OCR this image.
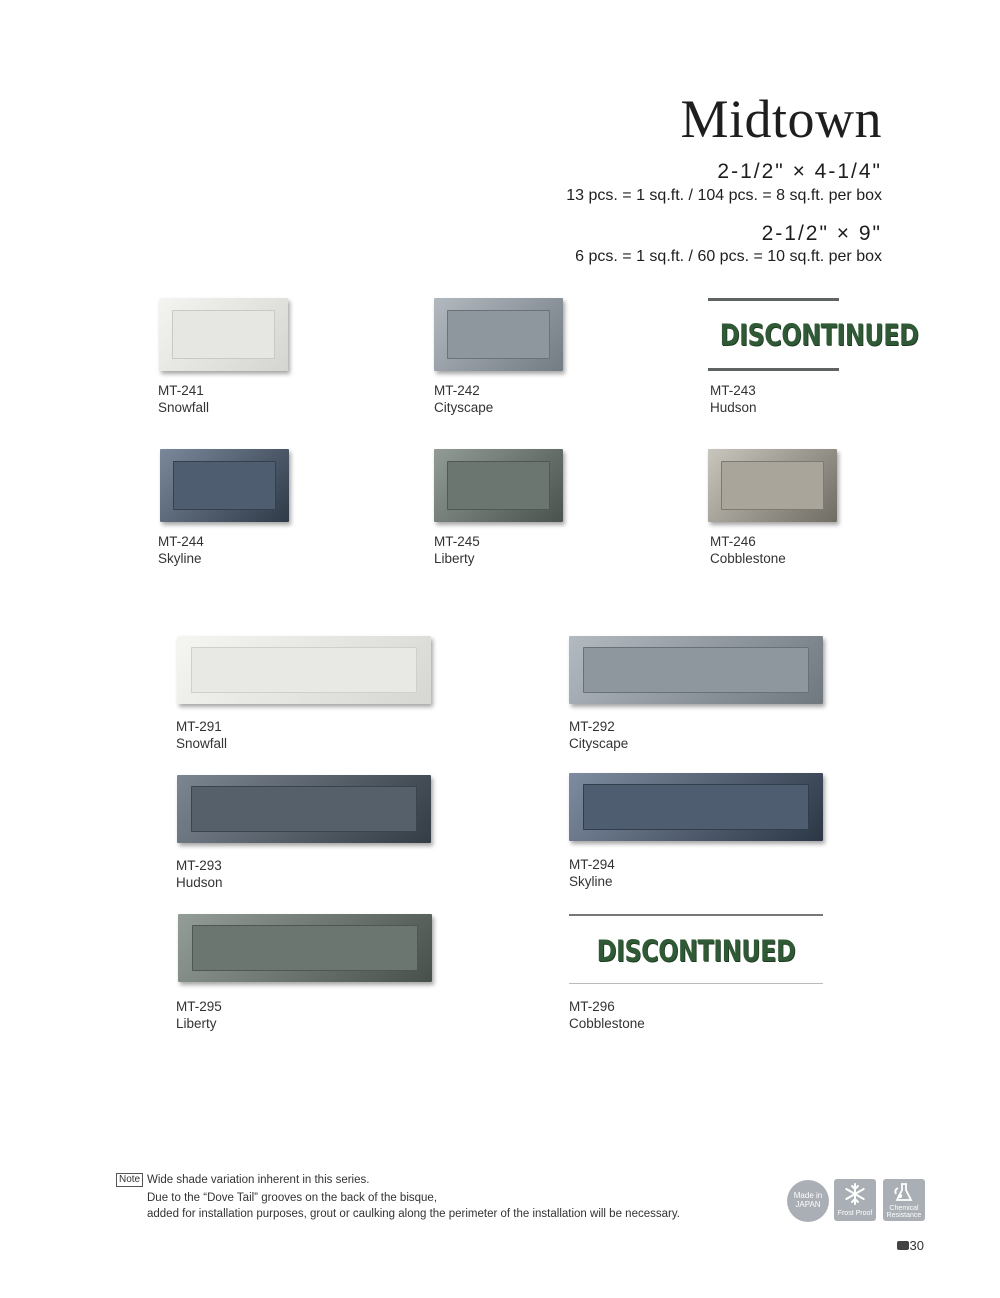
Midtown
2-1/2" × 4-1/4"
13 pcs. = 1 sq.ft. / 104 pcs. = 8 sq.ft. per box
2-1/2" × 9"
6 pcs. = 1 sq.ft. / 60 pcs. = 10 sq.ft. per box
MT-241
Snowfall
MT-242
Cityscape
DISCONTINUED
MT-243
Hudson
MT-244
Skyline
MT-245
Liberty
MT-246
Cobblestone
MT-291
Snowfall
MT-292
Cityscape
MT-293
Hudson
MT-294
Skyline
MT-295
Liberty
DISCONTINUED
MT-296
Cobblestone
Note Wide shade variation inherent in this series.
Due to the “Dove Tail” grooves on the back of the bisque,
added for installation purposes, grout or caulking along the perimeter of the installation will be necessary.
Made in JAPAN
Frost Proof
Chemical Resistance
30
